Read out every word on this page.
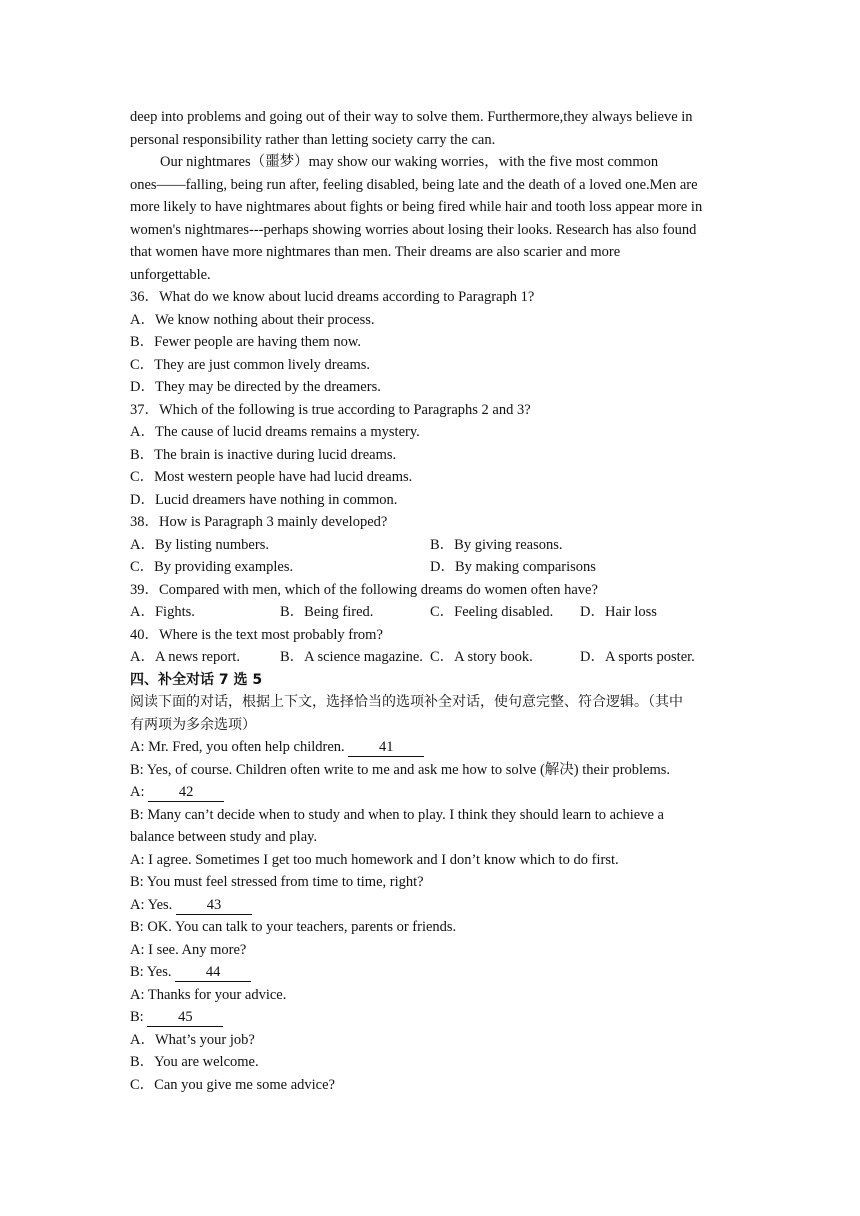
deep into problems and going out of their way to solve them. Furthermore,they always believe in
personal responsibility rather than letting society carry the can.
Our nightmares（噩梦）may show our waking worries，with the five most common
ones——falling, being run after, feeling disabled, being late and the death of a loved one.Men are
more likely to have nightmares about fights or being fired while hair and tooth loss appear more in
women's nightmares---perhaps showing worries about losing their looks. Research has also found
that women have more nightmares than men. Their dreams are also scarier and more
unforgettable.
36．What do we know about lucid dreams according to Paragraph 1?
A．We know nothing about their process.
B．Fewer people are having them now.
C．They are just common lively dreams.
D．They may be directed by the dreamers.
37．Which of the following is true according to Paragraphs 2 and 3?
A．The cause of lucid dreams remains a mystery.
B．The brain is inactive during lucid dreams.
C．Most western people have had lucid dreams.
D．Lucid dreamers have nothing in common.
38．How is Paragraph 3 mainly developed?
A．By listing numbers.	B．By giving reasons.
C．By providing examples.	D．By making comparisons
39．Compared with men, which of the following dreams do women often have?
A．Fights.	B．Being fired.	C．Feeling disabled.	D．Hair loss
40．Where is the text most probably from?
A．A news report.	B．A science magazine. C．A story book.	D．A sports poster.
四、补全对话 7 选 5
阅读下面的对话，根据上下文，选择恰当的选项补全对话，使句意完整、符合逻辑。（其中
有两项为多余选项）
A: Mr. Fred, you often help children. 41
B: Yes, of course. Children often write to me and ask me how to solve (解决) their problems.
A: 42
B: Many can’t decide when to study and when to play. I think they should learn to achieve a
balance between study and play.
A: I agree. Sometimes I get too much homework and I don’t know which to do first.
B: You must feel stressed from time to time, right?
A: Yes. 43
B: OK. You can talk to your teachers, parents or friends.
A: I see. Any more?
B: Yes. 44
A: Thanks for your advice.
B: 45
A．What’s your job?
B．You are welcome.
C．Can you give me some advice?
